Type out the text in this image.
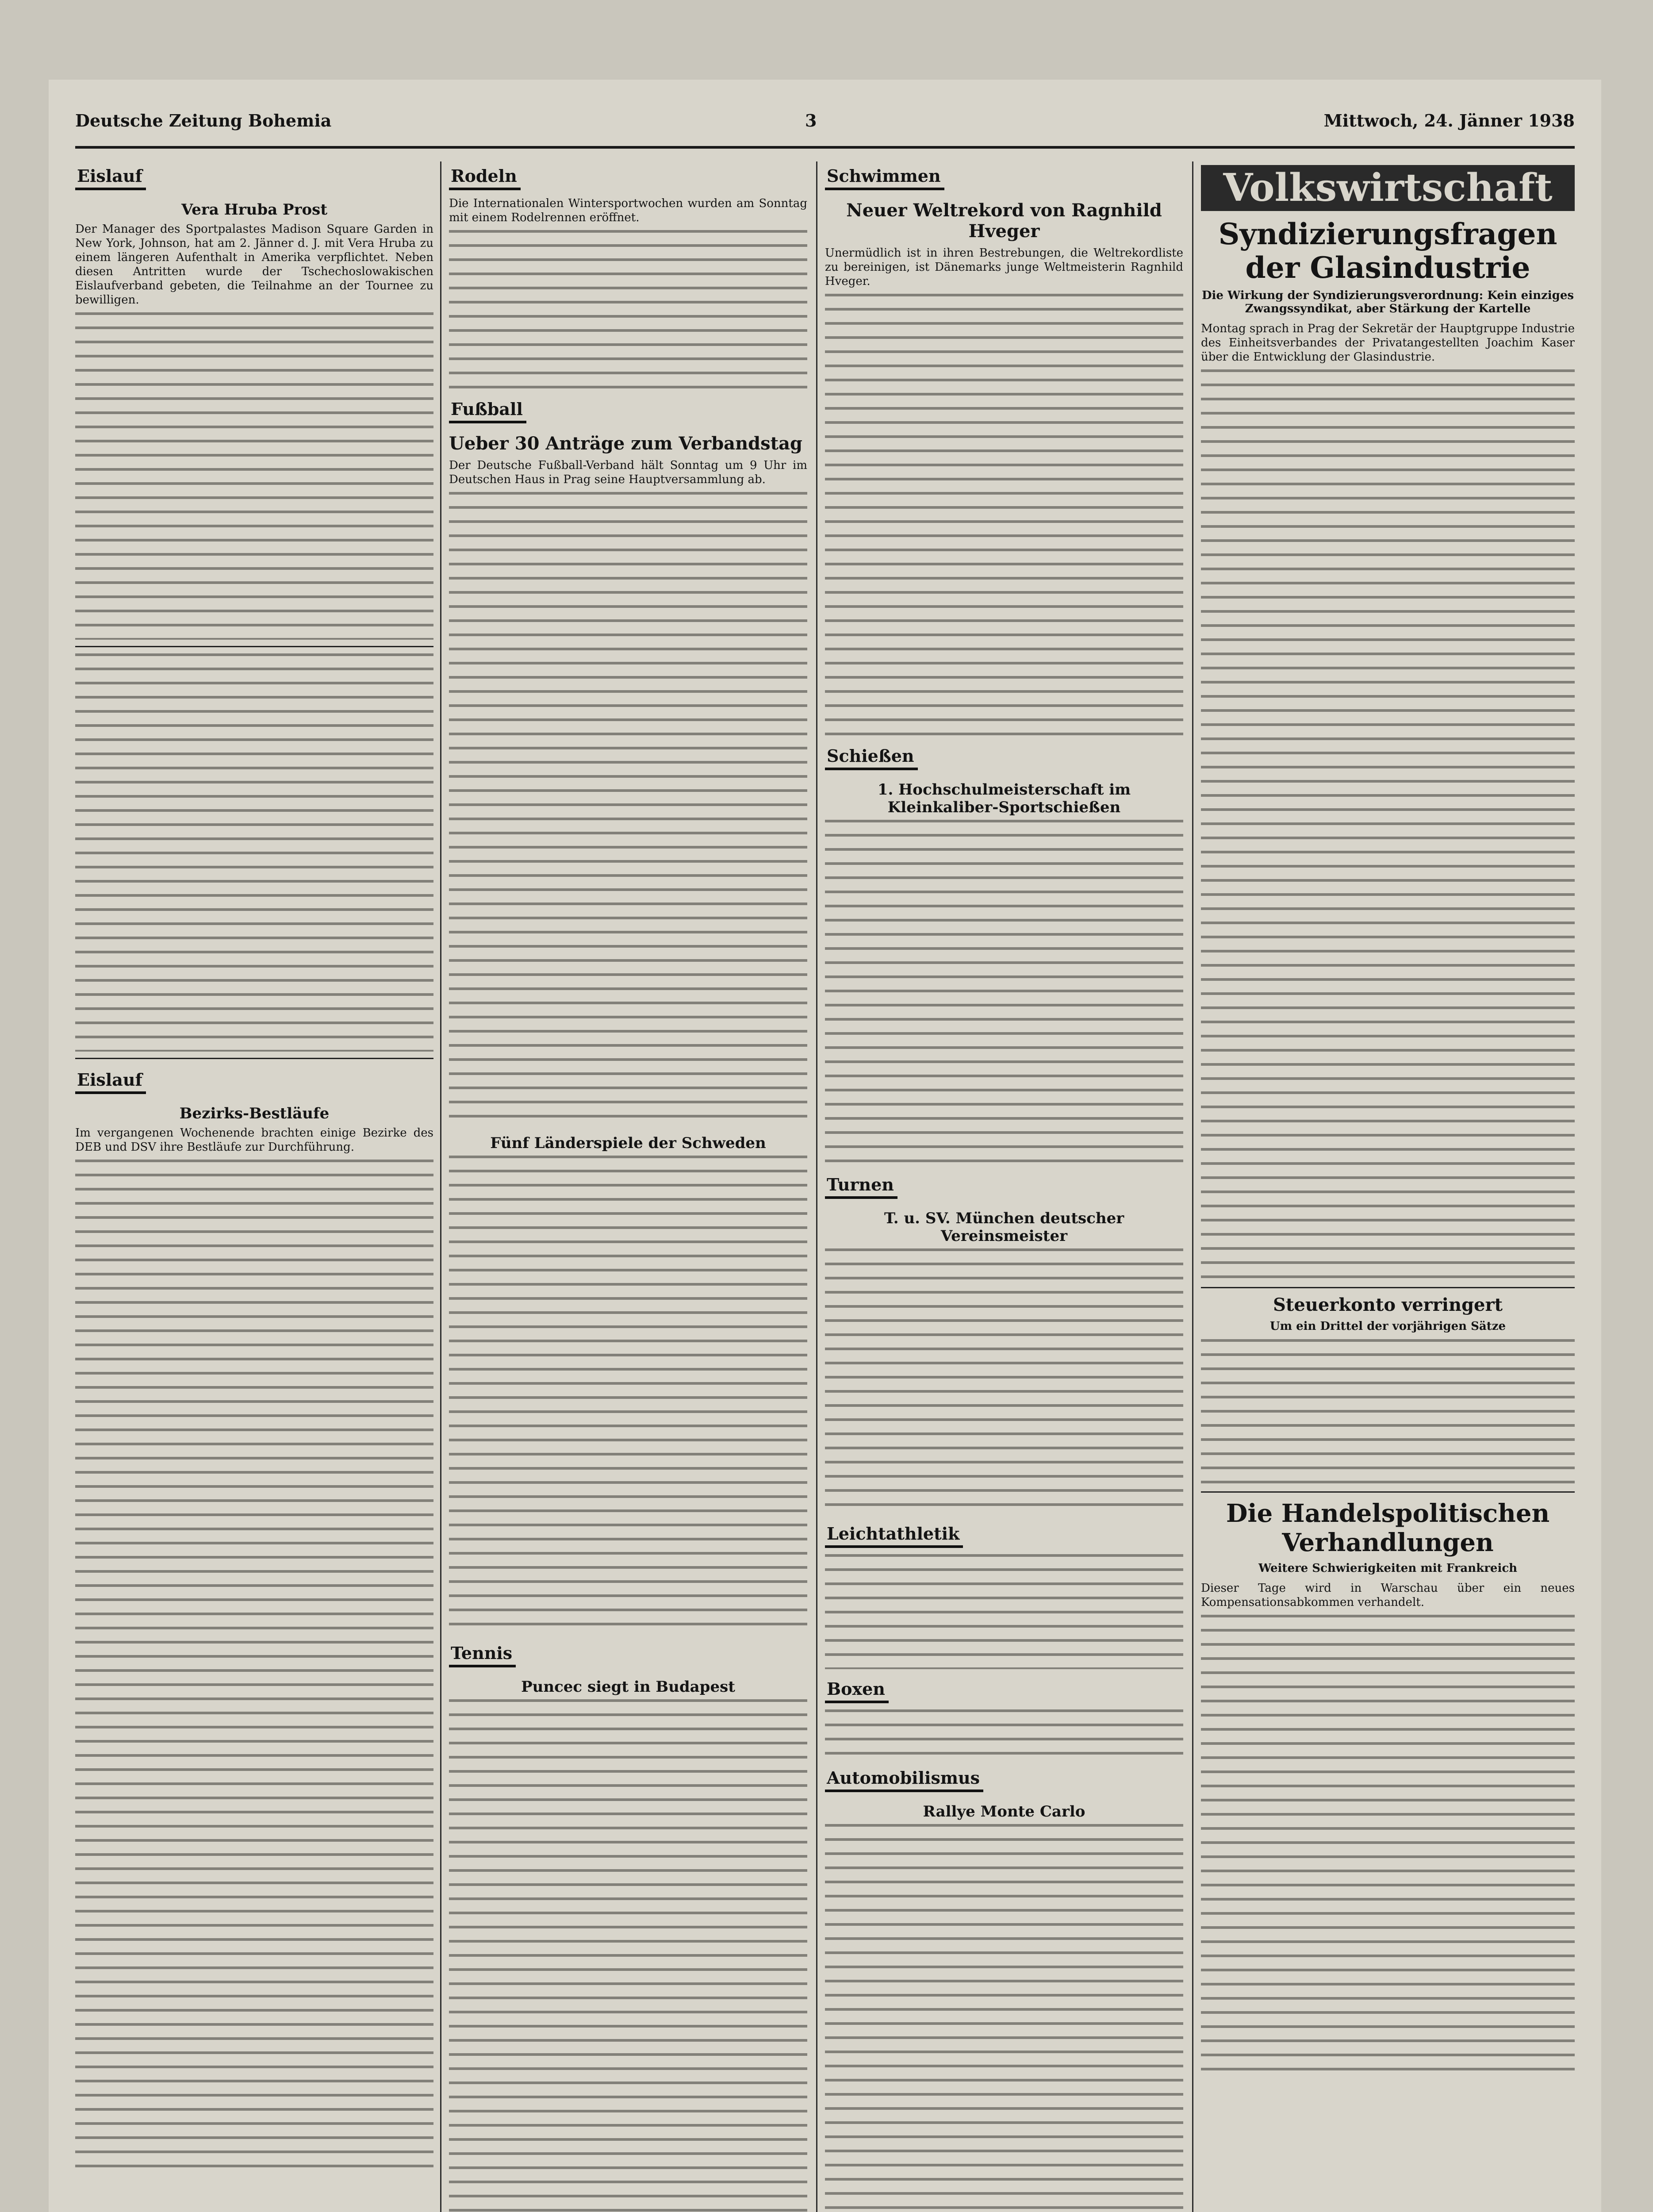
Deutsche Zeitung Bohemia	3	Mittwoch, 24. Jänner 1938
Eislauf
Vera Hruba Prost

Der Manager des Sportpalastes Madison Square Garden in New York, Johnson, hat am 2. Jänner d. J. mit Vera Hruba zu einem längeren Aufenthalt in Amerika verpflichtet. Neben diesen Antritten wurde der Tschechoslowakischen Eislaufverband gebeten, die Teilnahme an der Tournee zu bewilligen.

Eislauf
Bezirks-Bestläufe

Im vergangenen Wochenende brachten einige Bezirke des DEB und DSV ihre Bestläufe zur Durchführung.

Rodeln

Die Internationalen Wintersportwochen wurden am Sonntag mit einem Rodelrennen eröffnet.

Fußball
Ueber 30 Anträge zum Verbandstag

Der Deutsche Fußball-Verband hält Sonntag um 9 Uhr im Deutschen Haus in Prag seine Hauptversammlung ab.

Fünf Länderspiele der Schweden
Tennis
Puncec siegt in Budapest
Schwimmen
Neuer Weltrekord von Ragnhild Hveger

Unermüdlich ist in ihren Bestrebungen, die Weltrekordliste zu bereinigen, ist Dänemarks junge Weltmeisterin Ragnhild Hveger.

Schießen
1. Hochschulmeisterschaft im Kleinkaliber-Sportschießen
Turnen
T. u. SV. München deutscher Vereinsmeister
Leichtathletik
Boxen
Automobilismus
Rallye Monte Carlo
Volkswirtschaft
Syndizierungsfragen der Glasindustrie
Die Wirkung der Syndizierungsverordnung: Kein einziges Zwangssyndikat, aber Stärkung der Kartelle

Montag sprach in Prag der Sekretär der Hauptgruppe Industrie des Einheitsverbandes der Privatangestellten Joachim Kaser über die Entwicklung der Glasindustrie.

Steuerkonto verringert
Um ein Drittel der vorjährigen Sätze
Die Handelspolitischen Verhandlungen
Weitere Schwierigkeiten mit Frankreich

Dieser Tage wird in Warschau über ein neues Kompensationsabkommen verhandelt.
